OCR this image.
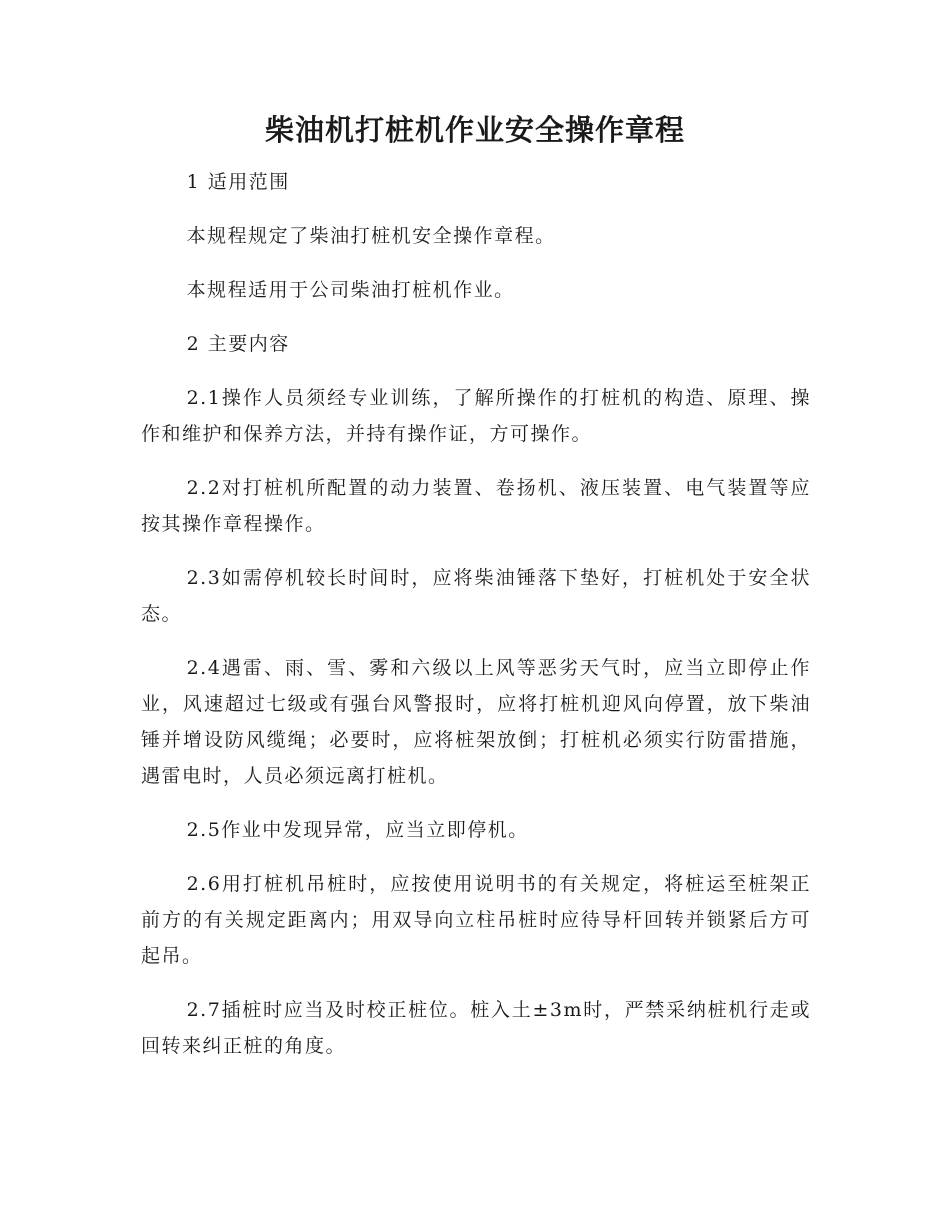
柴油机打桩机作业安全操作章程

1 适用范围

本规程规定了柴油打桩机安全操作章程。

本规程适用于公司柴油打桩机作业。

2 主要内容

2.1操作人员须经专业训练，了解所操作的打桩机的构造、原理、操作和维护和保养方法，并持有操作证，方可操作。

2.2对打桩机所配置的动力装置、卷扬机、液压装置、电气装置等应按其操作章程操作。

2.3如需停机较长时间时，应将柴油锤落下垫好，打桩机处于安全状态。

2.4遇雷、雨、雪、雾和六级以上风等恶劣天气时，应当立即停止作业，风速超过七级或有强台风警报时，应将打桩机迎风向停置，放下柴油锤并增设防风缆绳；必要时，应将桩架放倒；打桩机必须实行防雷措施，遇雷电时，人员必须远离打桩机。

2.5作业中发现异常，应当立即停机。

2.6用打桩机吊桩时，应按使用说明书的有关规定，将桩运至桩架正前方的有关规定距离内；用双导向立柱吊桩时应待导杆回转并锁紧后方可起吊。

2.7插桩时应当及时校正桩位。桩入土±3m时，严禁采纳桩机行走或回转来纠正桩的角度。
